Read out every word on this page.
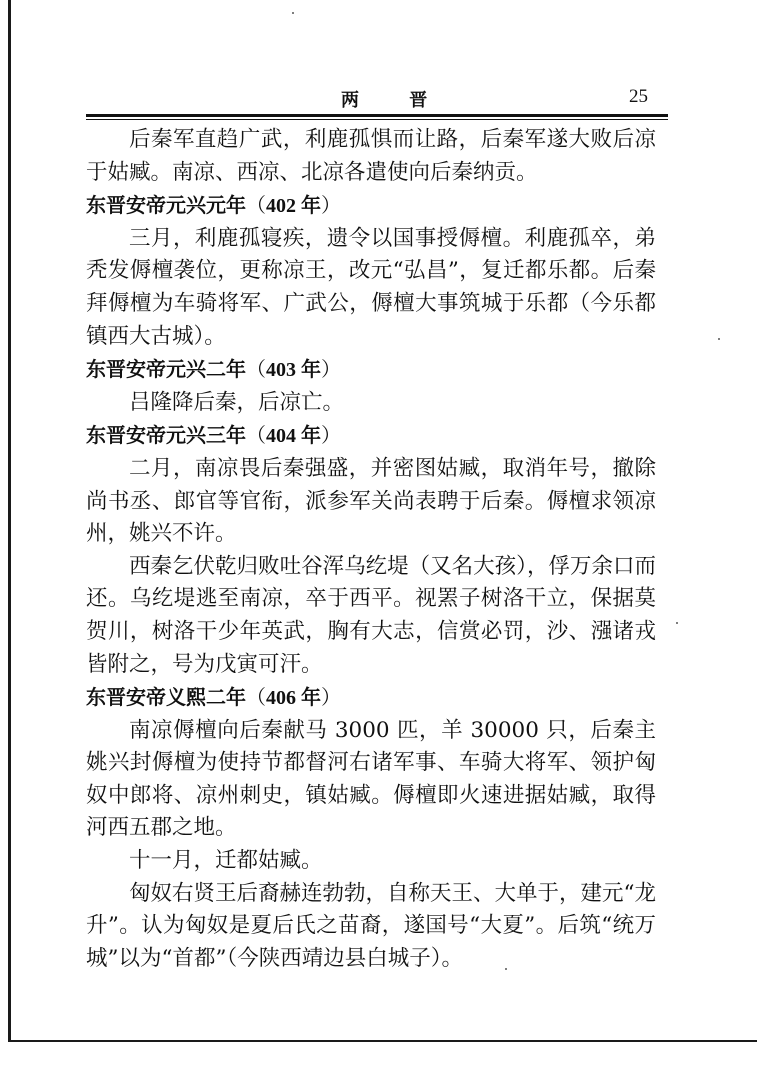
两 晋	25

后秦军直趋广武，利鹿孤惧而让路，后秦军遂大败后凉于姑臧。南凉、西凉、北凉各遣使向后秦纳贡。

东晋安帝元兴元年（402 年）

三月，利鹿孤寝疾，遗令以国事授傉檀。利鹿孤卒，弟秃发傉檀袭位，更称凉王，改元“弘昌”，复迁都乐都。后秦拜傉檀为车骑将军、广武公，傉檀大事筑城于乐都（今乐都镇西大古城）。

东晋安帝元兴二年（403 年）

吕隆降后秦，后凉亡。

东晋安帝元兴三年（404 年）

二月，南凉畏后秦强盛，并密图姑臧，取消年号，撤除尚书丞、郎官等官衔，派参军关尚表聘于后秦。傉檀求领凉州，姚兴不许。

西秦乞伏乾归败吐谷浑乌纥堤（又名大孩），俘万余口而还。乌纥堤逃至南凉，卒于西平。视罴子树洛干立，保据莫贺川，树洛干少年英武，胸有大志，信赏必罚，沙、漒诸戎皆附之，号为戊寅可汗。

东晋安帝义熙二年（406 年）

南凉傉檀向后秦献马 3000 匹，羊 30000 只，后秦主姚兴封傉檀为使持节都督河右诸军事、车骑大将军、领护匈奴中郎将、凉州刺史，镇姑臧。傉檀即火速进据姑臧，取得河西五郡之地。

十一月，迁都姑臧。

匈奴右贤王后裔赫连勃勃，自称天王、大单于，建元“龙升”。认为匈奴是夏后氏之苗裔，遂国号“大夏”。后筑“统万城”以为“首都”（今陕西靖边县白城子）。
